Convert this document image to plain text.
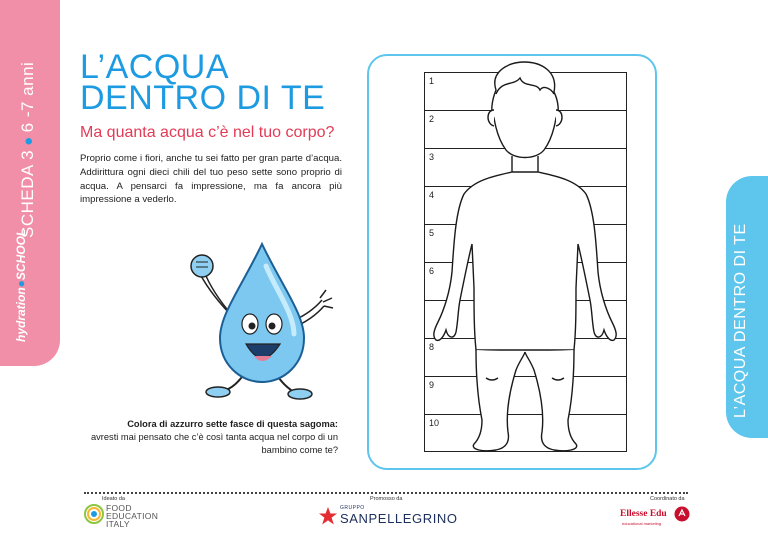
SCHEDA 3●6 -7 anni
hydration●SCHOOL	L’ACQUA DENTRO DI TE
L’ACQUA
DENTRO DI TE
Ma quanta acqua c’è nel tuo corpo?
Proprio come i fiori, anche tu sei fatto per gran parte d’acqua. Addirittura ogni dieci chili del tuo peso sette sono proprio di acqua. A pensarci fa impressione, ma fa ancora più impressione a vederlo.
Colora di azzurro sette fasce di questa sagoma:
avresti mai pensato che c’è così tanta acqua nel corpo di un bambino come te?
1
2
3
4
5
6
8
9
10
Ideato da	Promosso da	Coordinato da
FOOD
EDUCATION
ITALY
GRUPPO
SANPELLEGRINO	Ellesse Edu
educational marketing
1
